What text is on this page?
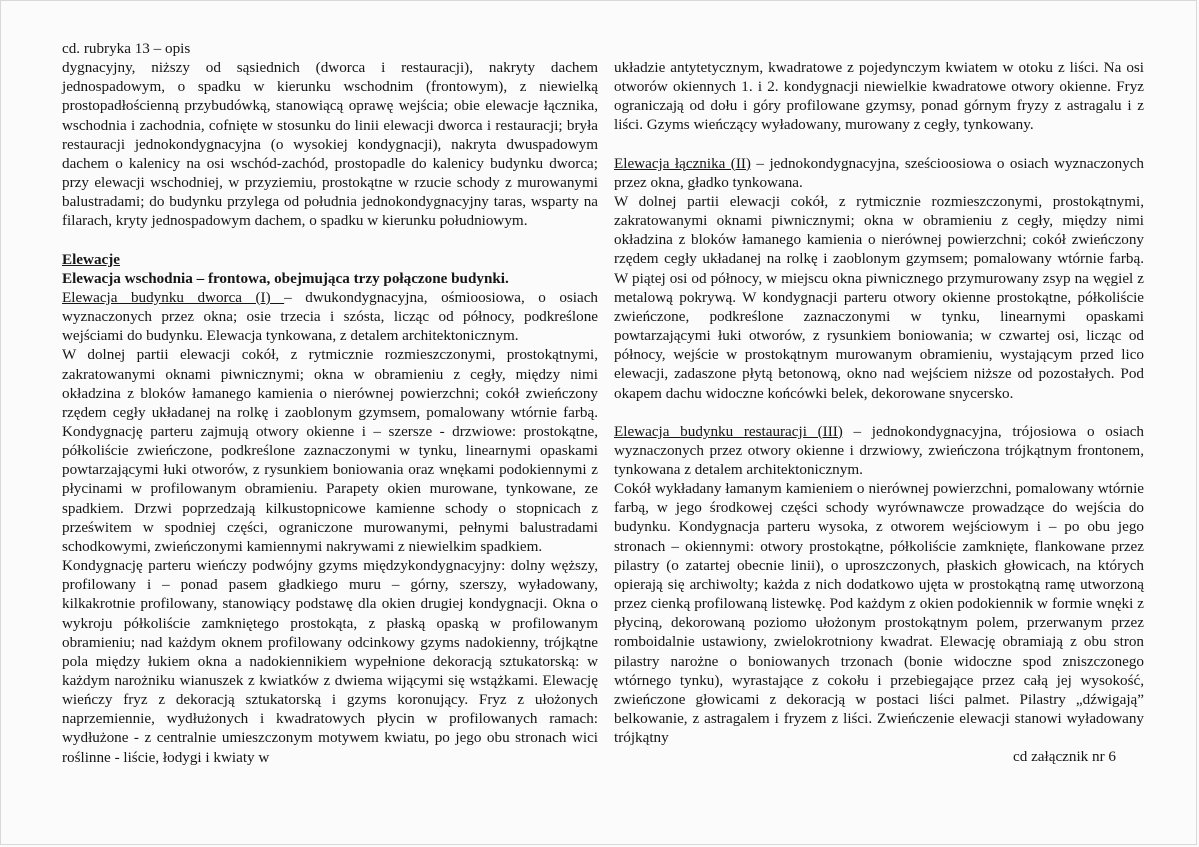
cd. rubryka 13 – opis

dygnacyjny, niższy od sąsiednich (dworca i restauracji), nakryty dachem jednospadowym, o spadku w kierunku wschodnim (frontowym), z niewielką prostopadłościenną przybudówką, stanowiącą oprawę wejścia; obie elewacje łącznika, wschodnia i zachodnia, cofnięte w stosunku do linii elewacji dworca i restauracji; bryła restauracji jednokondygnacyjna (o wysokiej kondygnacji), nakryta dwuspadowym dachem o kalenicy na osi wschód-zachód, prostopadle do kalenicy budynku dworca; przy elewacji wschodniej, w przyziemiu, prostokątne w rzucie schody z murowanymi balustradami; do budynku przylega od południa jednokondygnacyjny taras, wsparty na filarach, kryty jednospadowym dachem, o spadku w kierunku południowym.

Elewacje

Elewacja wschodnia – frontowa, obejmująca trzy połączone budynki.

Elewacja budynku dworca (I) – dwukondygnacyjna, ośmioosiowa, o osiach wyznaczonych przez okna; osie trzecia i szósta, licząc od północy, podkreślone wejściami do budynku. Elewacja tynkowana, z detalem architektonicznym.

W dolnej partii elewacji cokół, z rytmicznie rozmieszczonymi, prostokątnymi, zakratowanymi oknami piwnicznymi; okna w obramieniu z cegły, między nimi okładzina z bloków łamanego kamienia o nierównej powierzchni; cokół zwieńczony rzędem cegły układanej na rolkę i zaoblonym gzymsem, pomalowany wtórnie farbą. Kondygnację parteru zajmują otwory okienne i – szersze - drzwiowe: prostokątne, półkoliście zwieńczone, podkreślone zaznaczonymi w tynku, linearnymi opaskami powtarzającymi łuki otworów, z rysunkiem boniowania oraz wnękami podokiennymi z płycinami w profilowanym obramieniu. Parapety okien murowane, tynkowane, ze spadkiem. Drzwi poprzedzają kilkustopnicowe kamienne schody o stopnicach z prześwitem w spodniej części, ograniczone murowanymi, pełnymi balustradami schodkowymi, zwieńczonymi kamiennymi nakrywami z niewielkim spadkiem.

Kondygnację parteru wieńczy podwójny gzyms międzykondygnacyjny: dolny węższy, profilowany i – ponad pasem gładkiego muru – górny, szerszy, wyładowany, kilkakrotnie profilowany, stanowiący podstawę dla okien drugiej kondygnacji. Okna o wykroju półkoliście zamkniętego prostokąta, z płaską opaską w profilowanym obramieniu; nad każdym oknem profilowany odcinkowy gzyms nadokienny, trójkątne pola między łukiem okna a nadokiennikiem wypełnione dekoracją sztukatorską: w każdym narożniku wianuszek z kwiatków z dwiema wijącymi się wstążkami. Elewację wieńczy fryz z dekoracją sztukatorską i gzyms koronujący. Fryz z ułożonych naprzemiennie, wydłużonych i kwadratowych płycin w profilowanych ramach: wydłużone - z centralnie umieszczonym motywem kwiatu, po jego obu stronach wici roślinne - liście, łodygi i kwiaty w

układzie antytetycznym, kwadratowe z pojedynczym kwiatem w otoku z liści. Na osi otworów okiennych 1. i 2. kondygnacji niewielkie kwadratowe otwory okienne. Fryz ograniczają od dołu i góry profilowane gzymsy, ponad górnym fryzy z astragalu i z liści. Gzyms wieńczący wyładowany, murowany z cegły, tynkowany.

Elewacja łącznika (II) – jednokondygnacyjna, sześcioosiowa o osiach wyznaczonych przez okna, gładko tynkowana.

W dolnej partii elewacji cokół, z rytmicznie rozmieszczonymi, prostokątnymi, zakratowanymi oknami piwnicznymi; okna w obramieniu z cegły, między nimi okładzina z bloków łamanego kamienia o nierównej powierzchni; cokół zwieńczony rzędem cegły układanej na rolkę i zaoblonym gzymsem; pomalowany wtórnie farbą. W piątej osi od północy, w miejscu okna piwnicznego przymurowany zsyp na węgiel z metalową pokrywą. W kondygnacji parteru otwory okienne prostokątne, półkoliście zwieńczone, podkreślone zaznaczonymi w tynku, linearnymi opaskami powtarzającymi łuki otworów, z rysunkiem boniowania; w czwartej osi, licząc od północy, wejście w prostokątnym murowanym obramieniu, wystającym przed lico elewacji, zadaszone płytą betonową, okno nad wejściem niższe od pozostałych. Pod okapem dachu widoczne końcówki belek, dekorowane snycersko.

Elewacja budynku restauracji (III) – jednokondygnacyjna, trójosiowa o osiach wyznaczonych przez otwory okienne i drzwiowy, zwieńczona trójkątnym frontonem, tynkowana z detalem architektonicznym.

Cokół wykładany łamanym kamieniem o nierównej powierzchni, pomalowany wtórnie farbą, w jego środkowej części schody wyrównawcze prowadzące do wejścia do budynku. Kondygnacja parteru wysoka, z otworem wejściowym i – po obu jego stronach – okiennymi: otwory prostokątne, półkoliście zamknięte, flankowane przez pilastry (o zatartej obecnie linii), o uproszczonych, płaskich głowicach, na których opierają się archiwolty; każda z nich dodatkowo ujęta w prostokątną ramę utworzoną przez cienką profilowaną listewkę. Pod każdym z okien podokiennik w formie wnęki z płyciną, dekorowaną poziomo ułożonym prostokątnym polem, przerwanym przez romboidalnie ustawiony, zwielokrotniony kwadrat. Elewację obramiają z obu stron pilastry narożne o boniowanych trzonach (bonie widoczne spod zniszczonego wtórnego tynku), wyrastające z cokołu i przebiegające przez całą jej wysokość, zwieńczone głowicami z dekoracją w postaci liści palmet. Pilastry „dźwigają” belkowanie, z astragalem i fryzem z liści. Zwieńczenie elewacji stanowi wyładowany trójkątny

cd załącznik nr 6
